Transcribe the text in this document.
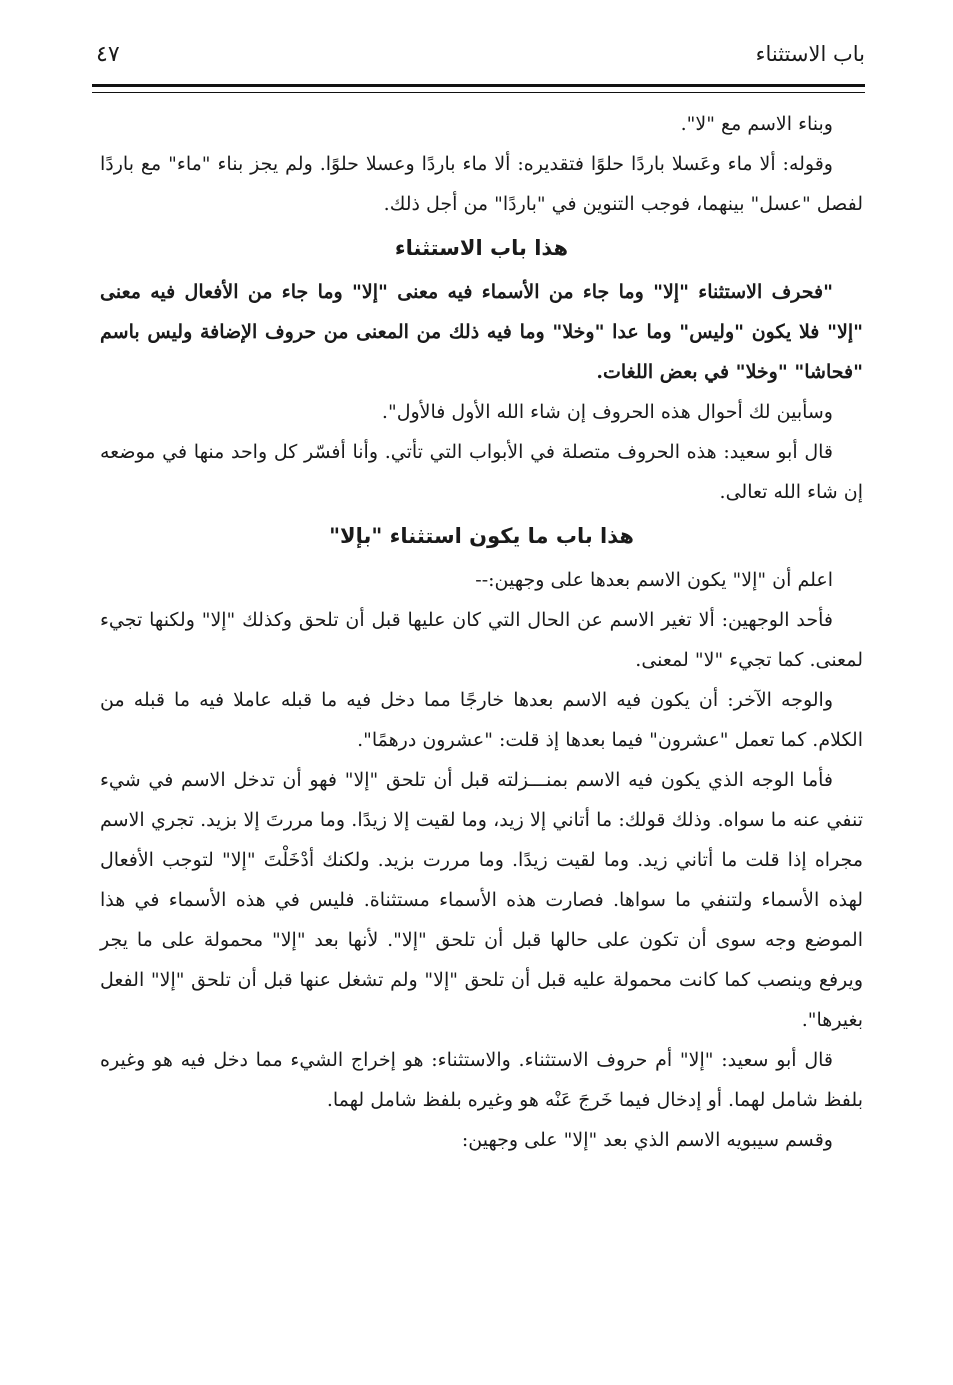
باب الاستثناء
٤٧

وبناء الاسم مع "لا".

وقوله: ألا ماء وعَسلا باردًا حلوًا فتقديره: ألا ماء باردًا وعسلا حلوًا. ولم يجز بناء "ماء" مع باردًا لفصل "عسل" بينهما، فوجب التنوين في "باردًا" من أجل ذلك.

هذا باب الاستثناء

"فحرف الاستثناء "إلا" وما جاء من الأسماء فيه معنى "إلا" وما جاء من الأفعال فيه معنى "إلا" فلا يكون "وليس" وما عدا "وخلا" وما فيه ذلك من المعنى من حروف الإضافة وليس باسم "فحاشا" "وخلا" في بعض اللغات.

وسأبين لك أحوال هذه الحروف إن شاء الله الأول فالأول".

قال أبو سعيد: هذه الحروف متصلة في الأبواب التي تأتي. وأنا أفسّر كل واحد منها في موضعه إن شاء الله تعالى.

هذا باب ما يكون استثناء "بإلا"

اعلم أن "إلا" يكون الاسم بعدها على وجهين:--

فأحد الوجهين: ألا تغير الاسم عن الحال التي كان عليها قبل أن تلحق وكذلك "إلا" ولكنها تجيء لمعنى. كما تجيء "لا" لمعنى.

والوجه الآخر: أن يكون فيه الاسم بعدها خارجًا مما دخل فيه ما قبله عاملا فيه ما قبله من الكلام. كما تعمل "عشرون" فيما بعدها إذ قلت: "عشرون درهمًا".

فأما الوجه الذي يكون فيه الاسم بمنـــزلته قبل أن تلحق "إلا" فهو أن تدخل الاسم في شيء تنفي عنه ما سواه. وذلك قولك: ما أتاني إلا زيد، وما لقيت إلا زيدًا. وما مررتَ إلا بزيد. تجري الاسم مجراه إذا قلت ما أتاني زيد. وما لقيت زيدًا. وما مررت بزيد. ولكنك أدْخَلْتَ "إلا" لتوجب الأفعال لهذه الأسماء ولتنفي ما سواها. فصارت هذه الأسماء مستثناة. فليس في هذه الأسماء في هذا الموضع وجه سوى أن تكون على حالها قبل أن تلحق "إلا". لأنها بعد "إلا" محمولة على ما يجر ويرفع وينصب كما كانت محمولة عليه قبل أن تلحق "إلا" ولم تشغل عنها قبل أن تلحق "إلا" الفعل بغيرها".

قال أبو سعيد: "إلا" أم حروف الاستثناء. والاستثناء: هو إخراج الشيء مما دخل فيه هو وغيره بلفظ شامل لهما. أو إدخال فيما خَرجَ عَنْه هو وغيره بلفظ شامل لهما.

وقسم سيبويه الاسم الذي بعد "إلا" على وجهين:
